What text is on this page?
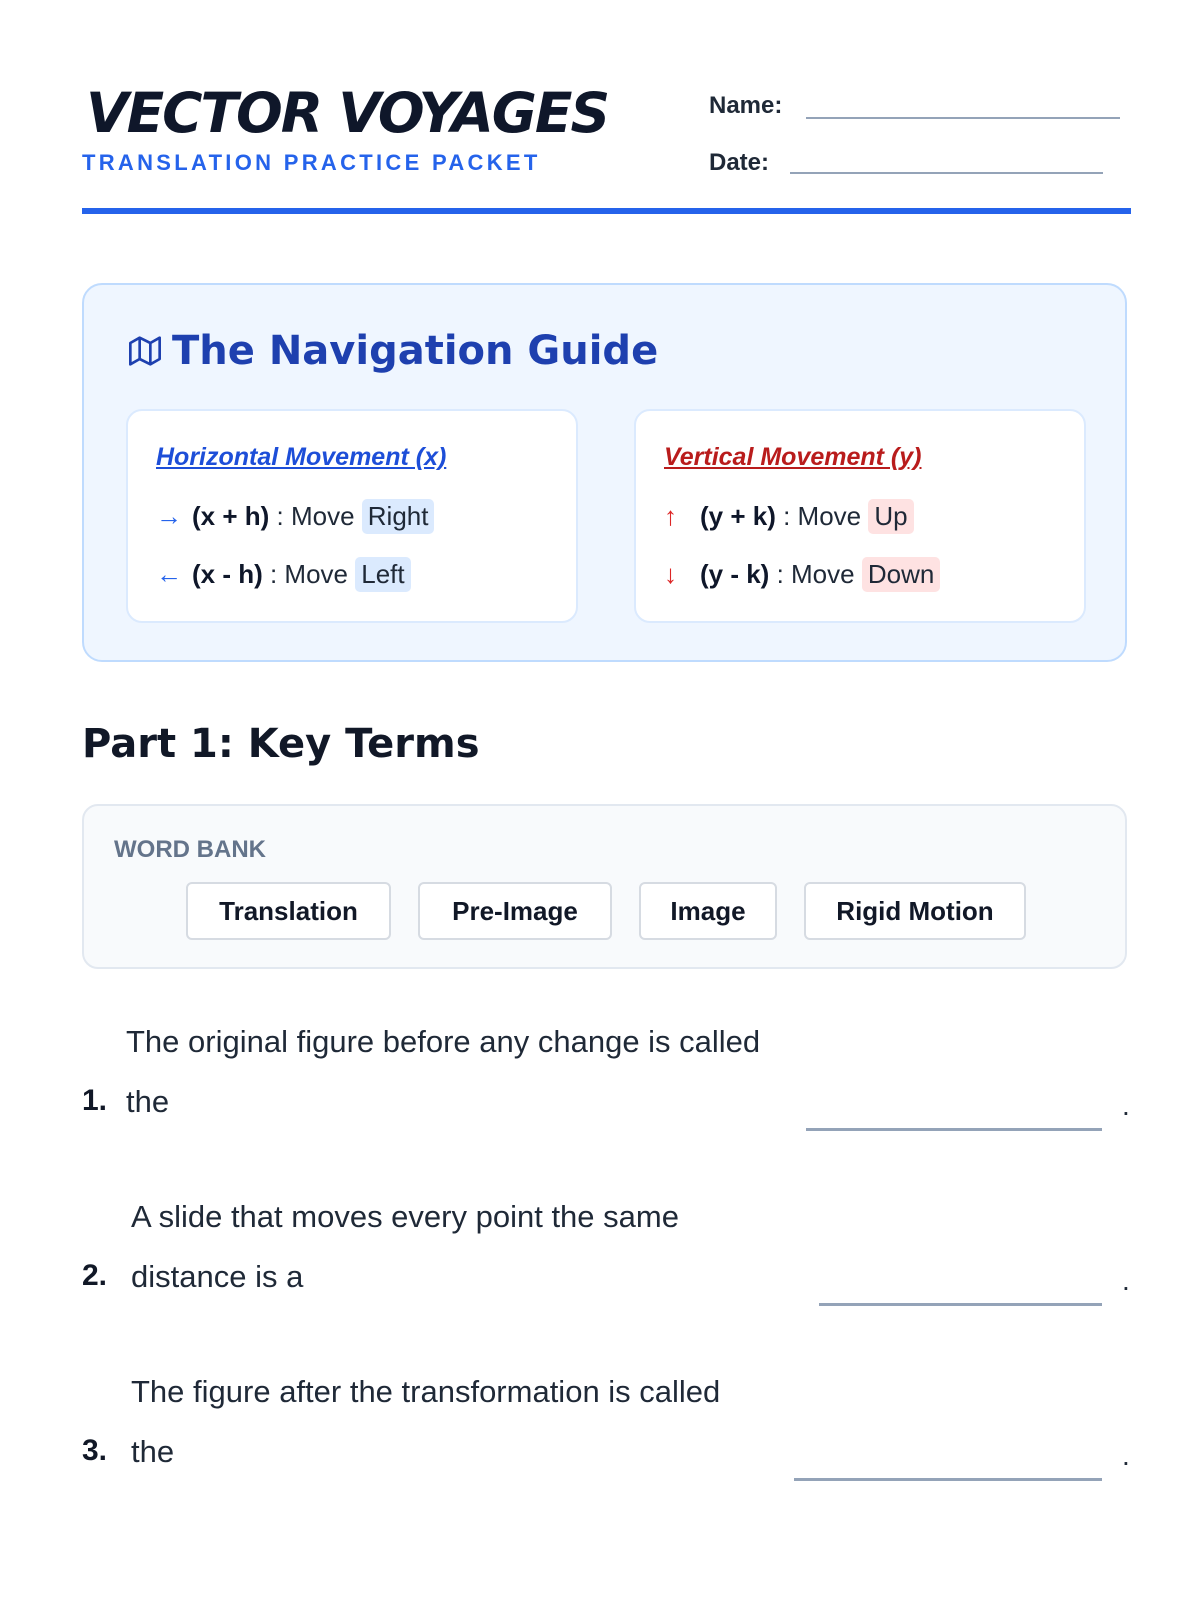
VECTOR VOYAGES
TRANSLATION PRACTICE PACKET
Name:
Date:
The Navigation Guide
Horizontal Movement (x)
→ (x + h) : Move Right
← (x - h) : Move Left
Vertical Movement (y)
↑ (y + k) : Move Up
↓ (y - k) : Move Down
Part 1: Key Terms
WORD BANK
Translation	Pre-Image	Image	Rigid Motion
1.
The original figure before any change is called the	.
2.
A slide that moves every point the same distance is a	.
3.
The figure after the transformation is called the	.
